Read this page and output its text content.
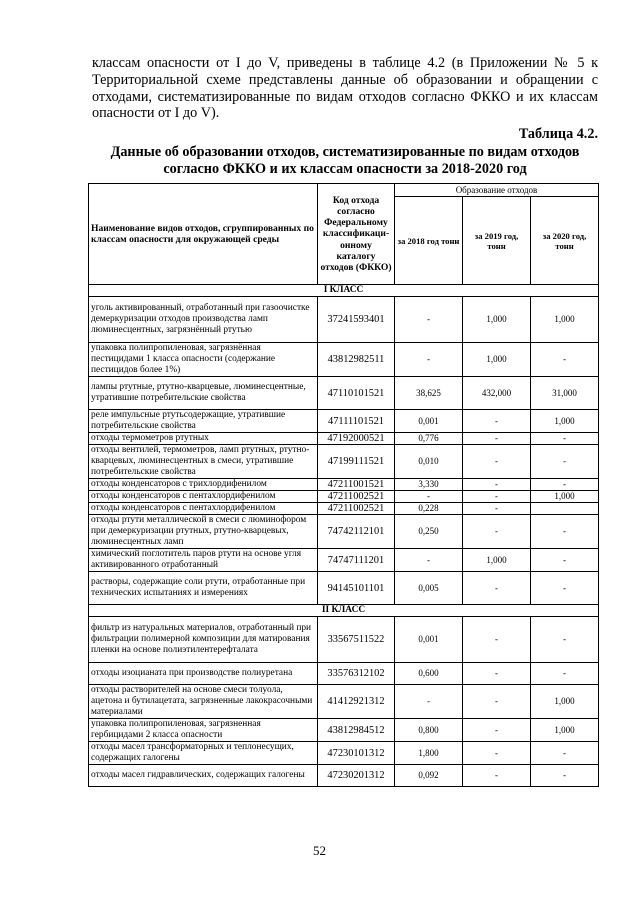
классам опасности от I до V, приведены в таблице 4.2 (в Приложении № 5 к Территориальной схеме представлены данные об образовании и обращении с отходами, систематизированные по видам отходов согласно ФККО и их классам опасности от I до V).

Таблица 4.2.

Данные об образовании отходов, систематизированные по видам отходов согласно ФККО и их классам опасности за 2018-2020 год

Наименование видов отходов, сгруппированных по классам опасности для окружающей среды	Код отхода согласно Федеральному классификаци- онному каталогу отходов (ФККО)	Образование отходов		
		за 2018 год тонн	за 2019 год, тонн	за 2020 год, тонн
I КЛАСС				
уголь активированный, отработанный при газоочистке демеркуризации отходов производства ламп люминесцентных, загрязнённый ртутью	37241593401	-	1,000	1,000
упаковка полипропиленовая, загрязнённая пестицидами 1 класса опасности (содержание пестицидов более 1%)	43812982511	-	1,000	-
лампы ртутные, ртутно-кварцевые, люминесцентные, утратившие потребительские свойства	47110101521	38,625	432,000	31,000
реле импульсные ртутьсодержащие, утратившие потребительские свойства	47111101521	0,001	-	1,000
отходы термометров ртутных	47192000521	0,776	-	-
отходы вентилей, термометров, ламп ртутных, ртутно-кварцевых, люминесцентных в смеси, утратившие потребительские свойства	47199111521	0,010	-	-
отходы конденсаторов с трихлордифенилом	47211001521	3,330	-	-
отходы конденсаторов с пентахлордифенилом	47211002521	-	-	1,000
отходы конденсаторов с пентахлордифенилом	47211002521	0,228	-	
отходы ртути металлической в смеси с люминофором при демеркуризации ртутных, ртутно-кварцевых, люминесцентных ламп	74742112101	0,250	-	-
химический поглотитель паров ртути на основе угля активированного отработанный	74747111201	-	1,000	-
растворы, содержащие соли ртути, отработанные при технических испытаниях и измерениях	94145101101	0,005	-	-
II КЛАСС				
фильтр из натуральных материалов, отработанный при фильтрации полимерной композиции для матирования пленки на основе полиэтилентерефталата	33567511522	0,001	-	-
отходы изоцианата при производстве полиуретана	33576312102	0,600	-	-
отходы растворителей на основе смеси толуола, ацетона и бутилацетата, загрязненные лакокрасочными материалами	41412921312	-	-	1,000
упаковка полипропиленовая, загрязненная гербицидами 2 класса опасности	43812984512	0,800	-	1,000
отходы масел трансформаторных и теплонесущих, содержащих галогены	47230101312	1,800	-	-
отходы масел гидравлических, содержащих галогены	47230201312	0,092	-	-

52
